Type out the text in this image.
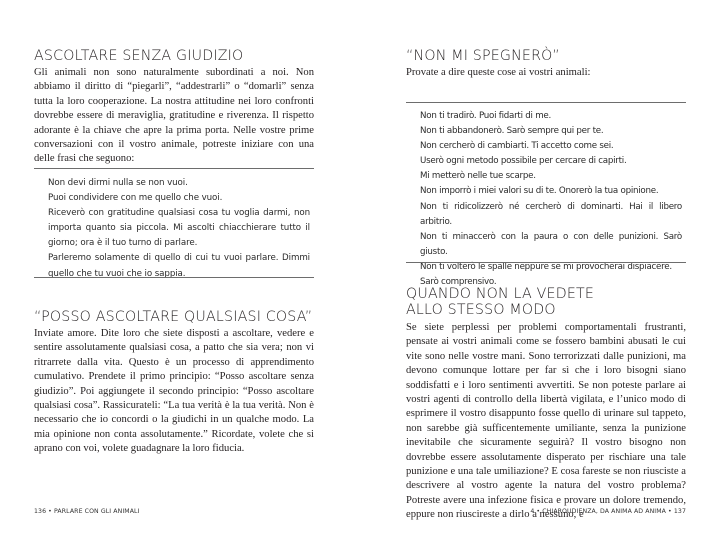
ASCOLTARE SENZA GIUDIZIO

Gli animali non sono naturalmente subordinati a noi. Non abbiamo il diritto di “piegarli”, “addestrarli” o “domarli” senza tutta la loro cooperazione. La nostra attitudine nei loro confronti dovrebbe essere di meraviglia, gratitudine e riverenza. Il rispetto adorante è la chiave che apre la prima porta. Nelle vostre prime conversazioni con il vostro animale, potreste iniziare con una delle frasi che seguono:

Non devi dirmi nulla se non vuoi.
Puoi condividere con me quello che vuoi.
Riceverò con gratitudine qualsiasi cosa tu voglia darmi, non importa quanto sia piccola. Mi ascolti chiacchierare tutto il giorno; ora è il tuo turno di parlare.
Parleremo solamente di quello di cui tu vuoi parlare. Dimmi quello che tu vuoi che io sappia.
“POSSO ASCOLTARE QUALSIASI COSA”

Inviate amore. Dite loro che siete disposti a ascoltare, vedere e sentire assolutamente qualsiasi cosa, a patto che sia vera; non vi ritrarrete dalla vita. Questo è un processo di apprendimento cumulativo. Prendete il primo principio: “Posso ascoltare senza giudizio”. Poi aggiungete il secondo principio: “Posso ascoltare qualsiasi cosa”. Rassicurateli: “La tua verità è la tua verità. Non è necessario che io concordi o la giudichi in un qualche modo. La mia opinione non conta assolutamente.” Ricordate, volete che si aprano con voi, volete guadagnare la loro fiducia.

136 • PARLARE CON GLI ANIMALI
“NON MI SPEGNERÒ”

Provate a dire queste cose ai vostri animali:

Non ti tradirò. Puoi fidarti di me.
Non ti abbandonerò. Sarò sempre qui per te.
Non cercherò di cambiarti. Ti accetto come sei.
Userò ogni metodo possibile per cercare di capirti.
Mi metterò nelle tue scarpe.
Non imporrò i miei valori su di te. Onorerò la tua opinione.
Non ti ridicolizzerò né cercherò di dominarti. Hai il libero arbitrio.
Non ti minaccerò con la paura o con delle punizioni. Sarò giusto.
Non ti volterò le spalle neppure se mi provocherai dispiacere.
Sarò comprensivo.
QUANDO NON LA VEDETE
ALLO STESSO MODO

Se siete perplessi per problemi comportamentali frustranti, pensate ai vostri animali come se fossero bambini abusati le cui vite sono nelle vostre mani. Sono terrorizzati dalle punizioni, ma devono comunque lottare per far sì che i loro bisogni siano soddisfatti e i loro sentimenti avvertiti. Se non poteste parlare ai vostri agenti di controllo della libertà vigilata, e l’unico modo di esprimere il vostro disappunto fosse quello di urinare sul tappeto, non sarebbe già sufficentemente umiliante, senza la punizione inevitabile che sicuramente seguirà? Il vostro bisogno non dovrebbe essere assolutamente disperato per rischiare una tale punizione e una tale umiliazione? E cosa fareste se non riusciste a descrivere al vostro agente la natura del vostro problema? Potreste avere una infezione fisica e provare un dolore tremendo, eppure non riuscireste a dirlo a nessuno, e

4 • CHIAROUDIENZA, DA ANIMA AD ANIMA • 137
